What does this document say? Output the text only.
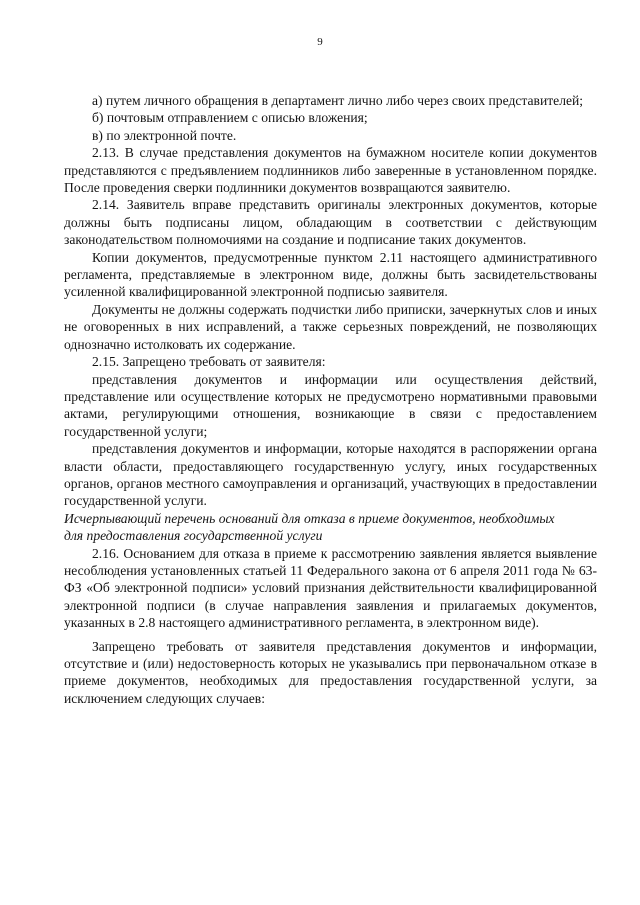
9

а) путем личного обращения в департамент лично либо через своих представителей;

б) почтовым отправлением с описью вложения;

в) по электронной почте.

2.13. В случае представления документов на бумажном носителе копии документов представляются с предъявлением подлинников либо заверенные в установленном порядке. После проведения сверки подлинники документов возвращаются заявителю.

2.14. Заявитель вправе представить оригиналы электронных документов, которые должны быть подписаны лицом, обладающим в соответствии с действующим законодательством полномочиями на создание и подписание таких документов.

Копии документов, предусмотренные пунктом 2.11 настоящего административного регламента, представляемые в электронном виде, должны быть засвидетельствованы усиленной квалифицированной электронной подписью заявителя.

Документы не должны содержать подчистки либо приписки, зачеркнутых слов и иных не оговоренных в них исправлений, а также серьезных повреждений, не позволяющих однозначно истолковать их содержание.

2.15. Запрещено требовать от заявителя:

представления документов и информации или осуществления действий, представление или осуществление которых не предусмотрено нормативными правовыми актами, регулирующими отношения, возникающие в связи с предоставлением государственной услуги;

представления документов и информации, которые находятся в распоряжении органа власти области, предоставляющего государственную услугу, иных государственных органов, органов местного самоуправления и организаций, участвующих в предоставлении государственной услуги.

Исчерпывающий перечень оснований для отказа в приеме документов, необходимых
для предоставления государственной услуги

2.16. Основанием для отказа в приеме к рассмотрению заявления является выявление несоблюдения установленных статьей 11 Федерального закона от 6 апреля 2011 года № 63-ФЗ «Об электронной подписи» условий признания действительности квалифицированной электронной подписи (в случае направления заявления и прилагаемых документов, указанных в 2.8 настоящего административного регламента, в электронном виде).

Запрещено требовать от заявителя представления документов и информации, отсутствие и (или) недостоверность которых не указывались при первоначальном отказе в приеме документов, необходимых для предоставления государственной услуги, за исключением следующих случаев:
